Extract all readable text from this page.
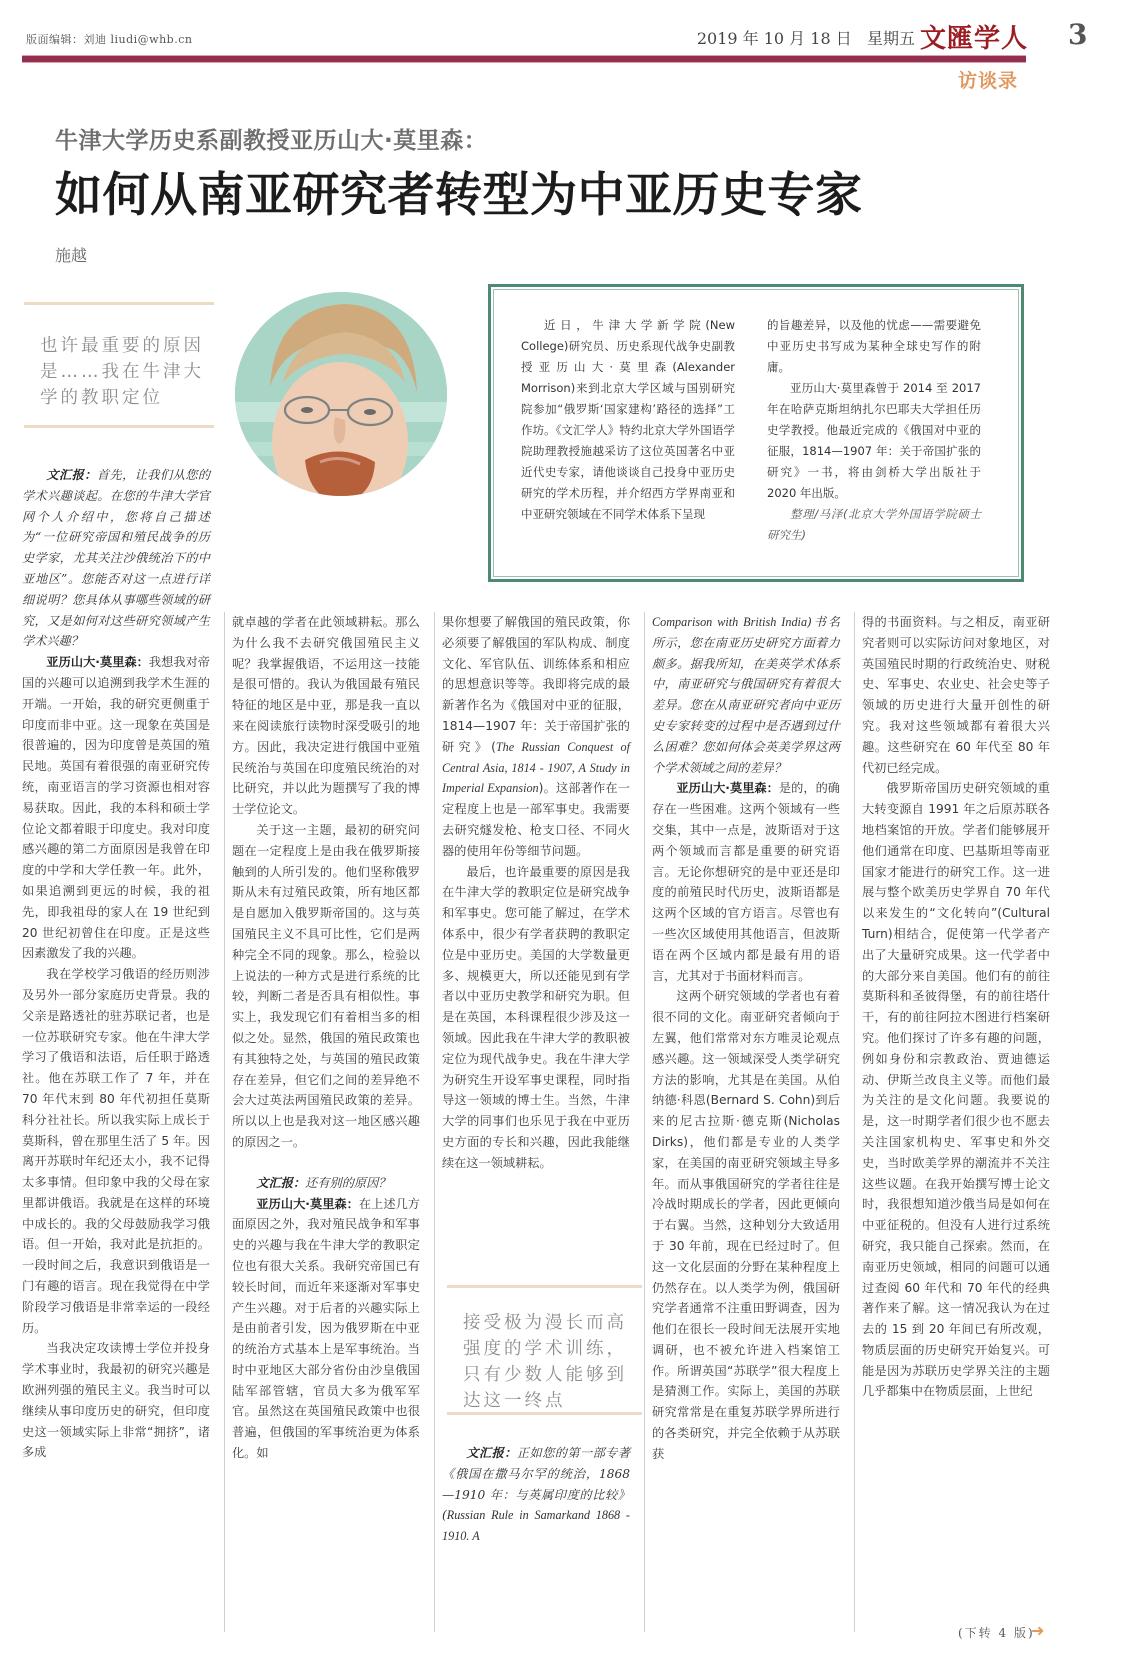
版面编辑：刘迪 liudi@whb.cn	2019 年 10 月 18 日 星期五 文匯学人 3
访谈录
牛津大学历史系副教授亚历山大·莫里森：
如何从南亚研究者转型为中亚历史专家
施越
也许最重要的原因是……我在牛津大学的教职定位

近日，牛津大学新学院(New College)研究员、历史系现代战争史副教授亚历山大·莫里森(Alexander Morrison)来到北京大学区域与国别研究院参加“俄罗斯‘国家建构’路径的选择”工作坊。《文汇学人》特约北京大学外国语学院助理教授施越采访了这位英国著名中亚近代史专家，请他谈谈自己投身中亚历史研究的学术历程，并介绍西方学界南亚和中亚研究领域在不同学术体系下呈现

的旨趣差异，以及他的忧虑——需要避免中亚历史书写成为某种全球史写作的附庸。

亚历山大·莫里森曾于 2014 至 2017 年在哈萨克斯坦纳扎尔巴耶夫大学担任历史学教授。他最近完成的《俄国对中亚的征服，1814—1907 年：关于帝国扩张的研究》一书，将由剑桥大学出版社于 2020 年出版。

整理/马泽(北京大学外国语学院硕士研究生)

文汇报：首先，让我们从您的学术兴趣谈起。在您的牛津大学官网个人介绍中，您将自己描述为“一位研究帝国和殖民战争的历史学家，尤其关注沙俄统治下的中亚地区”。您能否对这一点进行详细说明？您具体从事哪些领域的研究，又是如何对这些研究领域产生学术兴趣？

亚历山大·莫里森：我想我对帝国的兴趣可以追溯到我学术生涯的开端。一开始，我的研究更侧重于印度而非中亚。这一现象在英国是很普遍的，因为印度曾是英国的殖民地。英国有着很强的南亚研究传统，南亚语言的学习资源也相对容易获取。因此，我的本科和硕士学位论文都着眼于印度史。我对印度感兴趣的第二方面原因是我曾在印度的中学和大学任教一年。此外，如果追溯到更远的时候，我的祖先，即我祖母的家人在 19 世纪到 20 世纪初曾住在印度。正是这些因素激发了我的兴趣。

我在学校学习俄语的经历则涉及另外一部分家庭历史背景。我的父亲是路透社的驻苏联记者，也是一位苏联研究专家。他在牛津大学学习了俄语和法语，后任职于路透社。他在苏联工作了 7 年，并在 70 年代末到 80 年代初担任莫斯科分社社长。所以我实际上成长于莫斯科，曾在那里生活了 5 年。因离开苏联时年纪还太小，我不记得太多事情。但印象中我的父母在家里都讲俄语。我就是在这样的环境中成长的。我的父母鼓励我学习俄语。但一开始，我对此是抗拒的。一段时间之后，我意识到俄语是一门有趣的语言。现在我觉得在中学阶段学习俄语是非常幸运的一段经历。

当我决定攻读博士学位并投身学术事业时，我最初的研究兴趣是欧洲列强的殖民主义。我当时可以继续从事印度历史的研究，但印度史这一领域实际上非常“拥挤”，诸多成

就卓越的学者在此领域耕耘。那么为什么我不去研究俄国殖民主义呢？我掌握俄语，不运用这一技能是很可惜的。我认为俄国最有殖民特征的地区是中亚，那是我一直以来在阅读旅行读物时深受吸引的地方。因此，我决定进行俄国中亚殖民统治与英国在印度殖民统治的对比研究，并以此为题撰写了我的博士学位论文。

关于这一主题，最初的研究问题在一定程度上是由我在俄罗斯接触到的人所引发的。他们坚称俄罗斯从未有过殖民政策，所有地区都是自愿加入俄罗斯帝国的。这与英国殖民主义不具可比性，它们是两种完全不同的现象。那么，检验以上说法的一种方式是进行系统的比较，判断二者是否具有相似性。事实上，我发现它们有着相当多的相似之处。显然，俄国的殖民政策也有其独特之处，与英国的殖民政策存在差异，但它们之间的差异绝不会大过英法两国殖民政策的差异。所以以上也是我对这一地区感兴趣的原因之一。

文汇报：还有别的原因？

亚历山大·莫里森：在上述几方面原因之外，我对殖民战争和军事史的兴趣与我在牛津大学的教职定位也有很大关系。我研究帝国已有较长时间，而近年来逐渐对军事史产生兴趣。对于后者的兴趣实际上是由前者引发，因为俄罗斯在中亚的统治方式基本上是军事统治。当时中亚地区大部分省份由沙皇俄国陆军部管辖，官员大多为俄军军官。虽然这在英国殖民政策中也很普遍，但俄国的军事统治更为体系化。如

果你想要了解俄国的殖民政策，你必须要了解俄国的军队构成、制度文化、军官队伍、训练体系和相应的思想意识等等。我即将完成的最新著作名为《俄国对中亚的征服，1814—1907 年：关于帝国扩张的研究》(The Russian Conquest of Central Asia, 1814 - 1907, A Study in Imperial Expansion)。这部著作在一定程度上也是一部军事史。我需要去研究燧发枪、枪支口径、不同火器的使用年份等细节问题。

最后，也许最重要的原因是我在牛津大学的教职定位是研究战争和军事史。您可能了解过，在学术体系中，很少有学者获聘的教职定位是中亚历史。美国的大学数量更多、规模更大，所以还能见到有学者以中亚历史教学和研究为职。但是在英国，本科课程很少涉及这一领域。因此我在牛津大学的教职被定位为现代战争史。我在牛津大学为研究生开设军事史课程，同时指导这一领域的博士生。当然，牛津大学的同事们也乐见于我在中亚历史方面的专长和兴趣，因此我能继续在这一领域耕耘。

接受极为漫长而高强度的学术训练，只有少数人能够到达这一终点

文汇报：正如您的第一部专著《俄国在撒马尔罕的统治，1868—1910 年：与英属印度的比较》(Russian Rule in Samarkand 1868 - 1910. A

Comparison with British India)书名所示，您在南亚历史研究方面着力颇多。据我所知，在美英学术体系中，南亚研究与俄国研究有着很大差异。您在从南亚研究者向中亚历史专家转变的过程中是否遇到过什么困难？您如何体会英美学界这两个学术领域之间的差异？

亚历山大·莫里森：是的，的确存在一些困难。这两个领域有一些交集，其中一点是，波斯语对于这两个领域而言都是重要的研究语言。无论你想研究的是中亚还是印度的前殖民时代历史，波斯语都是这两个区域的官方语言。尽管也有一些次区域使用其他语言，但波斯语在两个区域内都是最有用的语言，尤其对于书面材料而言。

这两个研究领域的学者也有着很不同的文化。南亚研究者倾向于左翼，他们常常对东方唯灵论观点感兴趣。这一领域深受人类学研究方法的影响，尤其是在美国。从伯纳德·科恩(Bernard S. Cohn)到后来的尼古拉斯·德克斯(Nicholas Dirks)，他们都是专业的人类学家，在美国的南亚研究领域主导多年。而从事俄国研究的学者往往是冷战时期成长的学者，因此更倾向于右翼。当然，这种划分大致适用于 30 年前，现在已经过时了。但这一文化层面的分野在某种程度上仍然存在。以人类学为例，俄国研究学者通常不注重田野调查，因为他们在很长一段时间无法展开实地调研，也不被允许进入档案馆工作。所谓英国“苏联学”很大程度上是猜测工作。实际上，美国的苏联研究常常是在重复苏联学界所进行的各类研究，并完全依赖于从苏联获

得的书面资料。与之相反，南亚研究者则可以实际访问对象地区，对英国殖民时期的行政统治史、财税史、军事史、农业史、社会史等子领域的历史进行大量开创性的研究。我对这些领域都有着很大兴趣。这些研究在 60 年代至 80 年代初已经完成。

俄罗斯帝国历史研究领域的重大转变源自 1991 年之后原苏联各地档案馆的开放。学者们能够展开他们通常在印度、巴基斯坦等南亚国家才能进行的研究工作。这一进展与整个欧美历史学界自 70 年代以来发生的“文化转向”(Cultural Turn)相结合，促使第一代学者产出了大量研究成果。这一代学者中的大部分来自美国。他们有的前往莫斯科和圣彼得堡，有的前往塔什干，有的前往阿拉木图进行档案研究。他们探讨了许多有趣的问题，例如身份和宗教政治、贾迪德运动、伊斯兰改良主义等。而他们最为关注的是文化问题。我要说的是，这一时期学者们很少也不愿去关注国家机构史、军事史和外交史，当时欧美学界的潮流并不关注这些议题。在我开始撰写博士论文时，我很想知道沙俄当局是如何在中亚征税的。但没有人进行过系统研究，我只能自己探索。然而，在南亚历史领域，相同的问题可以通过查阅 60 年代和 70 年代的经典著作来了解。这一情况我认为在过去的 15 到 20 年间已有所改观，物质层面的历史研究开始复兴。可能是因为苏联历史学界关注的主题几乎都集中在物质层面，上世纪

(下转 4 版)
➜
